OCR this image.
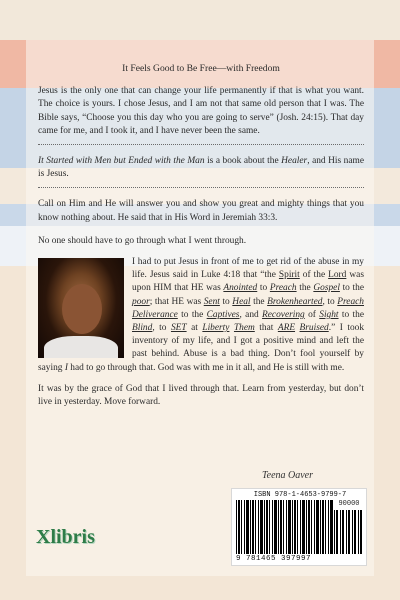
It Feels Good to Be Free—with Freedom

Jesus is the only one that can change your life permanently if that is what you want. The choice is yours. I chose Jesus, and I am not that same old person that I was. The Bible says, “Choose you this day who you are going to serve” (Josh. 24:15). That day came for me, and I took it, and I have never been the same.

It Started with Men but Ended with the Man is a book about the Healer, and His name is Jesus.

Call on Him and He will answer you and show you great and mighty things that you know nothing about. He said that in His Word in Jeremiah 33:3.

No one should have to go through what I went through.

I had to put Jesus in front of me to get rid of the abuse in my life. Jesus said in Luke 4:18 that “the Spirit of the Lord was upon HIM that HE was Anointed to Preach the Gospel to the poor; that HE was Sent to Heal the Brokenhearted, to Preach Deliverance to the Captives, and Recovering of Sight to the Blind, to SET at Liberty Them that ARE Bruised.” I took inventory of my life, and I got a positive mind and left the past behind. Abuse is a bad thing. Don’t fool yourself by saying I had to go through that. God was with me in it all, and He is still with me.

It was by the grace of God that I lived through that. Learn from yesterday, but don’t live in yesterday. Move forward.

Teena Oaver
Xlibris
ISBN 978-1-4653-9799-7
90000
9 781465 397997
